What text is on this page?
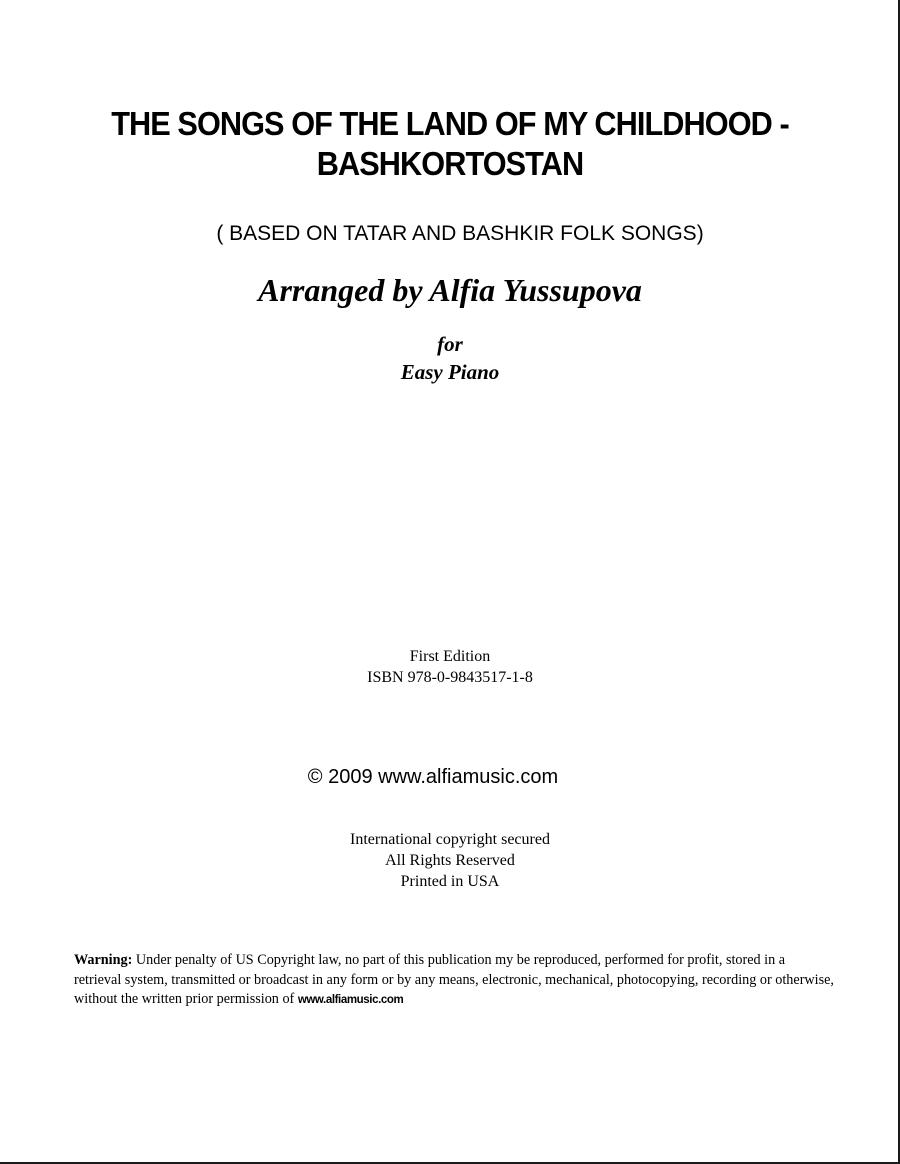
THE SONGS OF THE LAND OF MY CHILDHOOD -
BASHKORTOSTAN

( BASED ON TATAR AND BASHKIR FOLK SONGS)

Arranged by Alfia Yussupova

for
Easy Piano
First Edition
ISBN 978-0-9843517-1-8
© 2009 www.alfiamusic.com
International copyright secured
All Rights Reserved
Printed in USA

Warning: Under penalty of US Copyright law, no part of this publication my be reproduced, performed for profit, stored in a retrieval system, transmitted or broadcast in any form or by any means, electronic, mechanical, photocopying, recording or otherwise, without the written prior permission of www.alfiamusic.com
